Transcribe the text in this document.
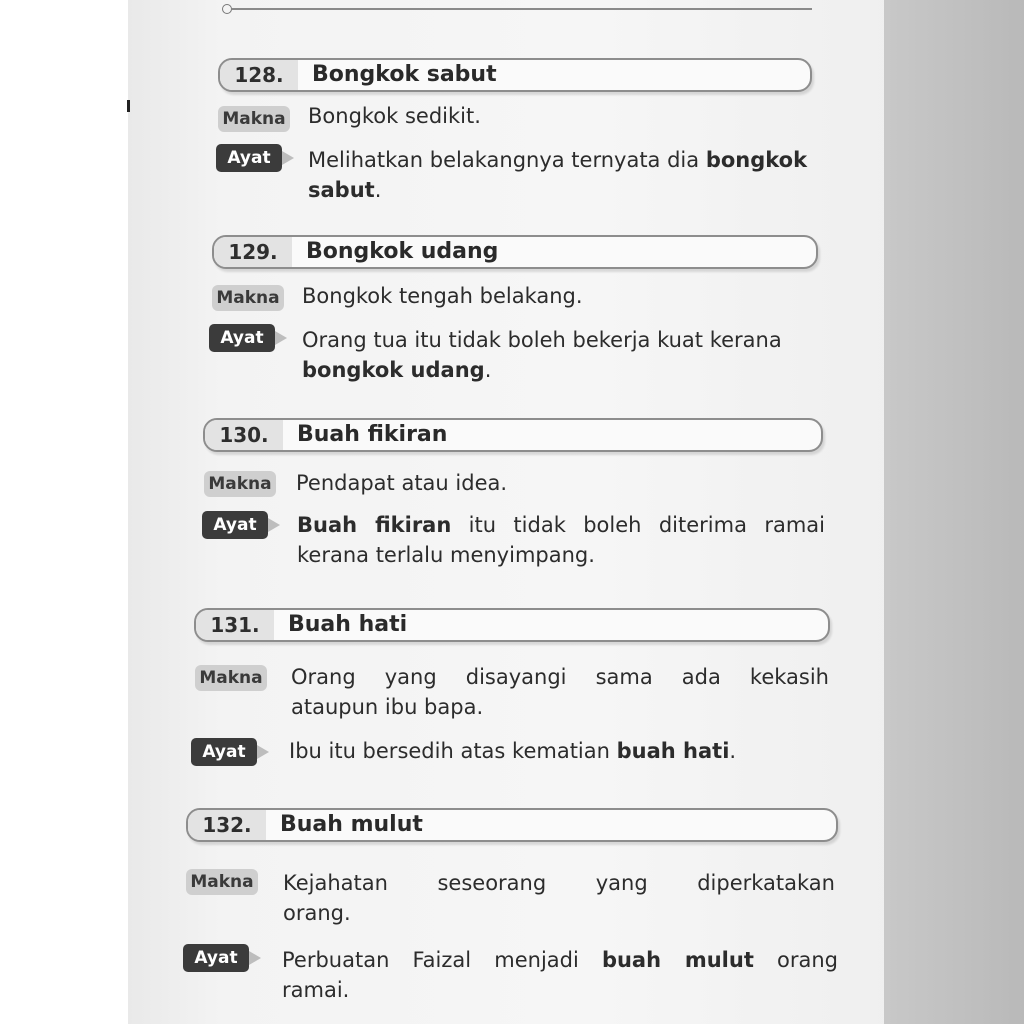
128.	Bongkok sabut
Makna Bongkok sedikit.
Ayat	Melihatkan belakangnya ternyata dia bongkok
sabut.
129.	Bongkok udang
Makna Bongkok tengah belakang.
Ayat	Orang tua itu tidak boleh bekerja kuat kerana
bongkok udang.
130.	Buah fikiran
Makna Pendapat atau idea.
Ayat	Buah fikiran itu tidak boleh diterima ramai
kerana terlalu menyimpang.
131.	Buah hati
Makna Orang yang disayangi sama ada kekasih
ataupun ibu bapa.
Ayat	Ibu itu bersedih atas kematian buah hati.
132.	Buah mulut
Makna Kejahatan seseorang yang diperkatakan
orang.
Ayat	Perbuatan Faizal menjadi buah mulut orang
ramai.
